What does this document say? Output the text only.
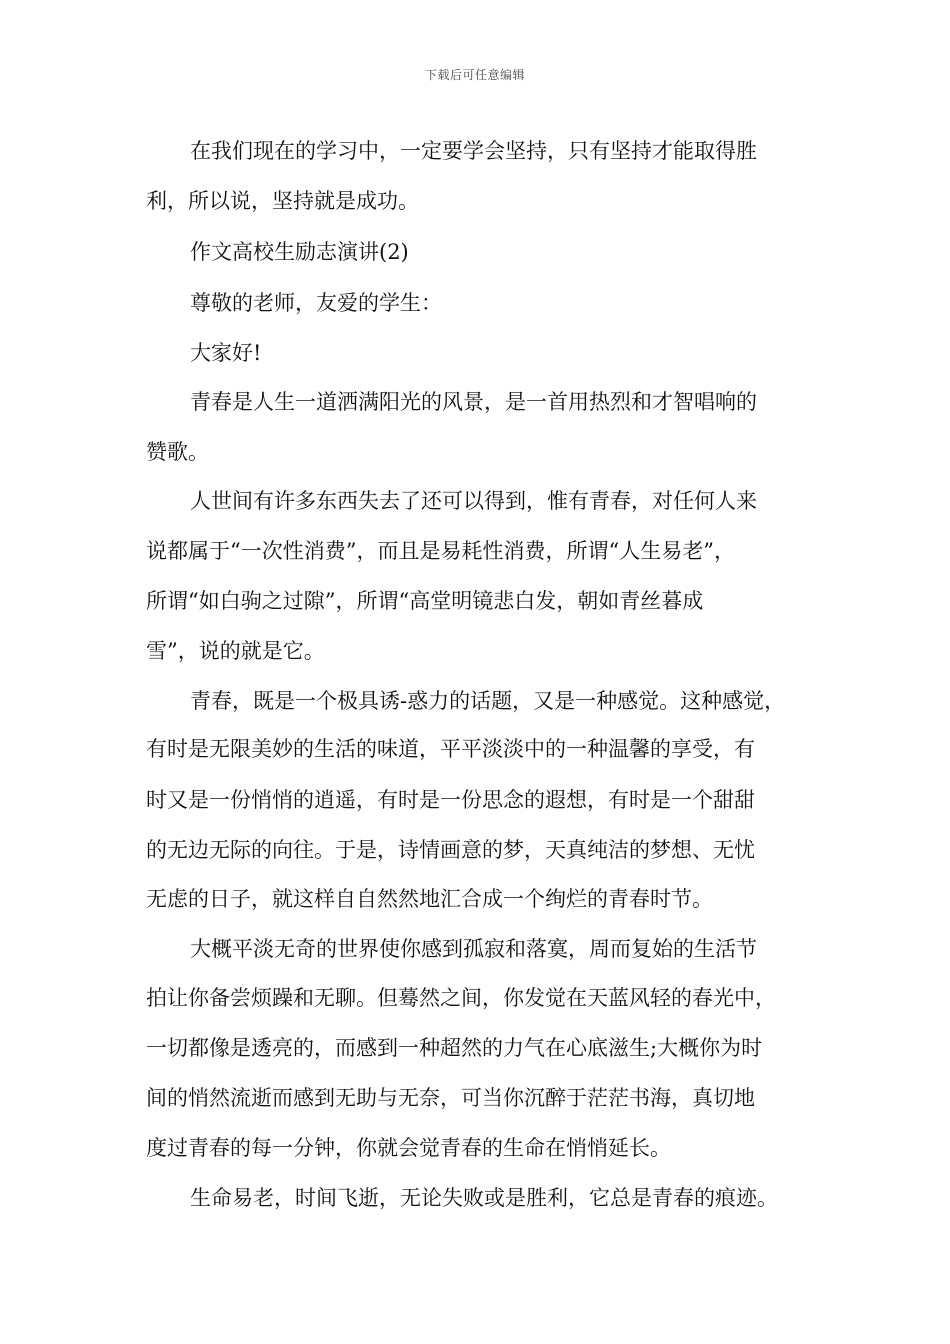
下载后可任意编辑
在我们现在的学习中，一定要学会坚持，只有坚持才能取得胜
利，所以说，坚持就是成功。
作文高校生励志演讲(2)
尊敬的老师，友爱的学生：
大家好!
青春是人生一道洒满阳光的风景，是一首用热烈和才智唱响的
赞歌。
人世间有许多东西失去了还可以得到，惟有青春，对任何人来
说都属于“一次性消费”，而且是易耗性消费，所谓“人生易老”，
所谓“如白驹之过隙”，所谓“高堂明镜悲白发，朝如青丝暮成
雪”，说的就是它。
青春，既是一个极具诱-惑力的话题，又是一种感觉。这种感觉，
有时是无限美妙的生活的味道，平平淡淡中的一种温馨的享受，有
时又是一份悄悄的逍遥，有时是一份思念的遐想，有时是一个甜甜
的无边无际的向往。于是，诗情画意的梦，天真纯洁的梦想、无忧
无虑的日子，就这样自自然然地汇合成一个绚烂的青春时节。
大概平淡无奇的世界使你感到孤寂和落寞，周而复始的生活节
拍让你备尝烦躁和无聊。但蓦然之间，你发觉在天蓝风轻的春光中，
一切都像是透亮的，而感到一种超然的力气在心底滋生;大概你为时
间的悄然流逝而感到无助与无奈，可当你沉醉于茫茫书海，真切地
度过青春的每一分钟，你就会觉青春的生命在悄悄延长。
生命易老，时间飞逝，无论失败或是胜利，它总是青春的痕迹。
